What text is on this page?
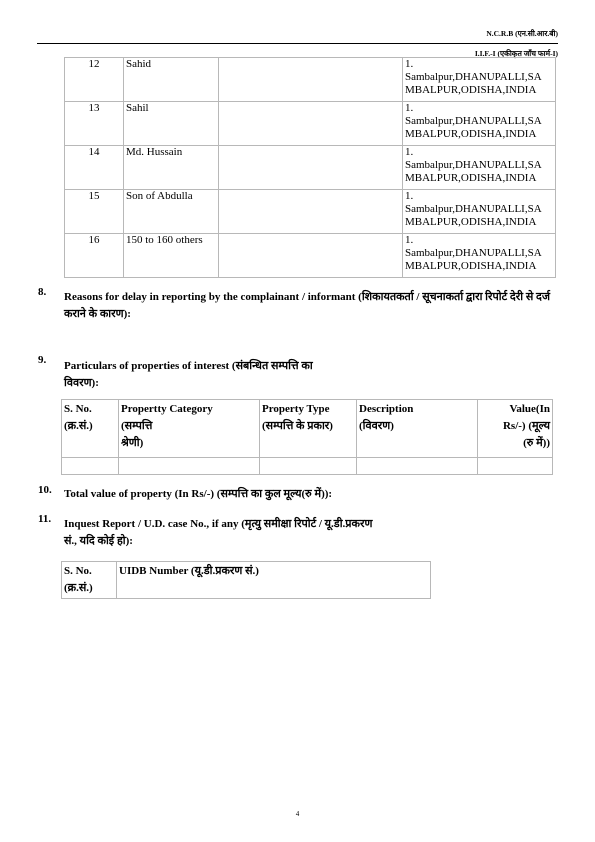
N.C.R.B (एन.सी.आर.बी)
I.I.F.-I (एकीकृत जाँच फार्म-I)
12	Sahid		1.
Sambalpur,DHANUPALLI,SA
MBALPUR,ODISHA,INDIA
13	Sahil		1.
Sambalpur,DHANUPALLI,SA
MBALPUR,ODISHA,INDIA
14	Md. Hussain		1.
Sambalpur,DHANUPALLI,SA
MBALPUR,ODISHA,INDIA
15	Son of Abdulla		1.
Sambalpur,DHANUPALLI,SA
MBALPUR,ODISHA,INDIA
16	150 to 160 others		1.
Sambalpur,DHANUPALLI,SA
MBALPUR,ODISHA,INDIA
8. Reasons for delay in reporting by the complainant / informant (शिकायतकर्ता / सूचनाकर्ता द्वारा रिपोर्ट देरी से दर्ज कराने के कारण):
9. Particulars of properties of interest (संबन्धित सम्पत्ति का
विवरण):
S. No.
(क्र.सं.)	Propertty Category
(सम्पत्ति
श्रेणी)	Property Type
(सम्पत्ति के प्रकार)	Description
(विवरण)	Value(In
Rs/-) (मूल्य
(रु में))

10. Total value of property (In Rs/-) (सम्पत्ति का कुल मूल्य(रु में)):
11. Inquest Report / U.D. case No., if any (मृत्यु समीक्षा रिपोर्ट / यू.डी.प्रकरण
सं., यदि कोई हो):
S. No.
(क्र.सं.)	UIDB Number (यू.डी.प्रकरण सं.)
4
